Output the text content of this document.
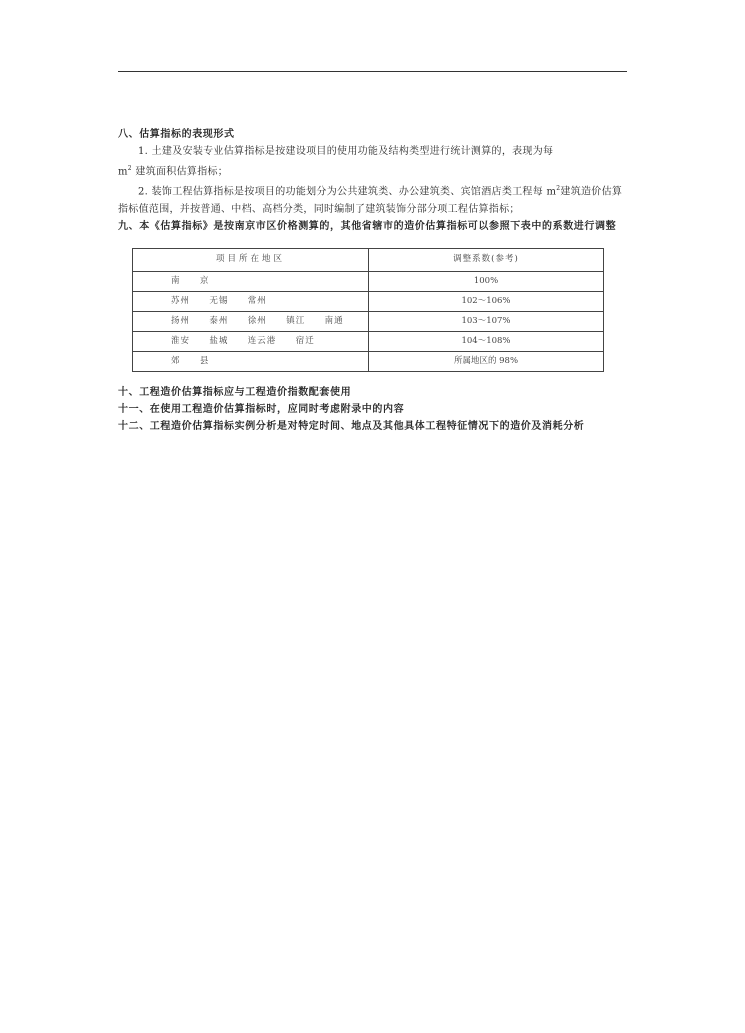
八、估算指标的表现形式

1. 土建及安装专业估算指标是按建设项目的使用功能及结构类型进行统计测算的，表现为每
$m^2$ 建筑面积估算指标；

2. 装饰工程估算指标是按项目的功能划分为公共建筑类、办公建筑类、宾馆酒店类工程每 $m^2$建筑造价估算指标值范围，并按普通、中档、高档分类，同时编制了建筑装饰分部分项工程估算指标；

九、本《估算指标》是按南京市区价格测算的，其他省辖市的造价估算指标可以参照下表中的系数进行调整

项目所在地区	调整系数(参考)
南  京	100%
苏州  无锡  常州	102～106%
扬州  泰州  徐州  镇江  南通	103～107%
淮安  盐城  连云港  宿迁	104～108%
郊  县	所属地区的 98%

十、工程造价估算指标应与工程造价指数配套使用

十一、在使用工程造价估算指标时，应同时考虑附录中的内容

十二、工程造价估算指标实例分析是对特定时间、地点及其他具体工程特征情况下的造价及消耗分析
